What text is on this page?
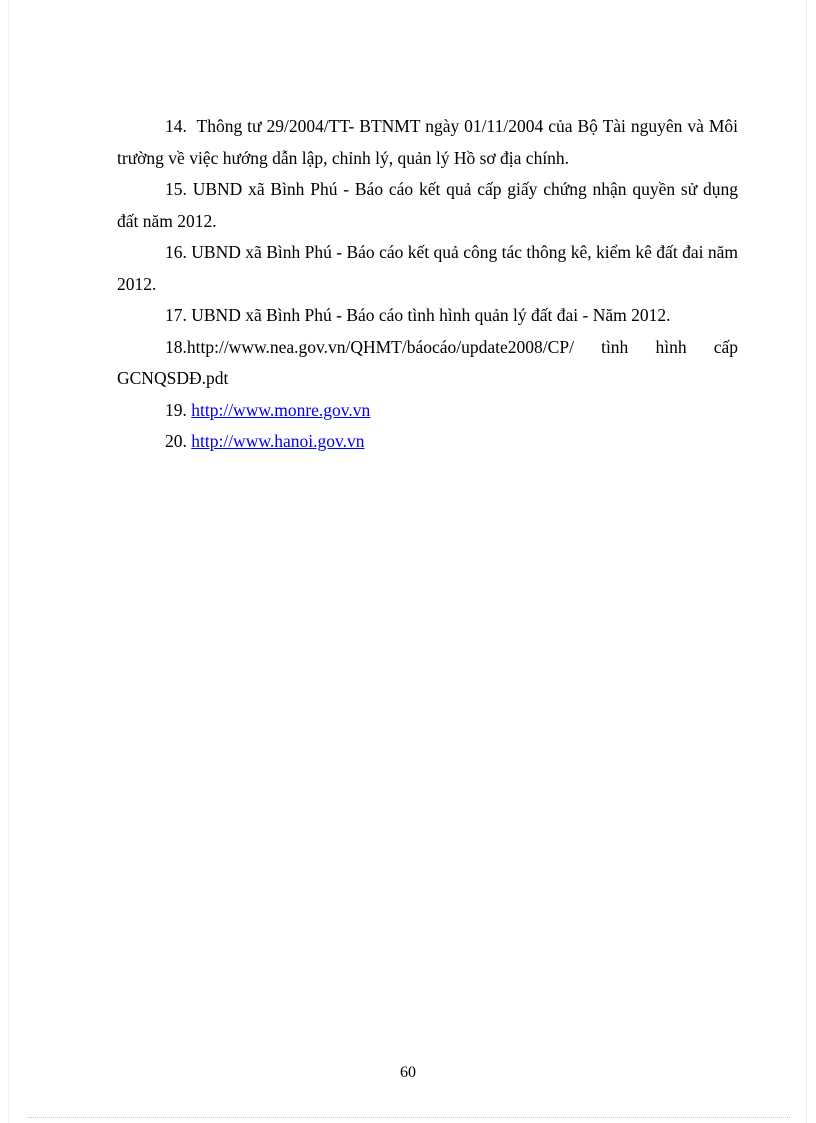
14. Thông tư 29/2004/TT- BTNMT ngày 01/11/2004 của Bộ Tài nguyên và Môi trường về việc hướng dẫn lập, chỉnh lý, quản lý Hồ sơ địa chính.

15. UBND xã Bình Phú - Báo cáo kết quả cấp giấy chứng nhận quyền sử dụng đất năm 2012.

16. UBND xã Bình Phú - Báo cáo kết quả công tác thông kê, kiểm kê đất đai năm 2012.

17. UBND xã Bình Phú - Báo cáo tình hình quản lý đất đai - Năm 2012.

18.http://www.nea.gov.vn/QHMT/báocáo/update2008/CP/ tình hình cấp GCNQSDĐ.pdt

19. http://www.monre.gov.vn

20. http://www.hanoi.gov.vn

60
